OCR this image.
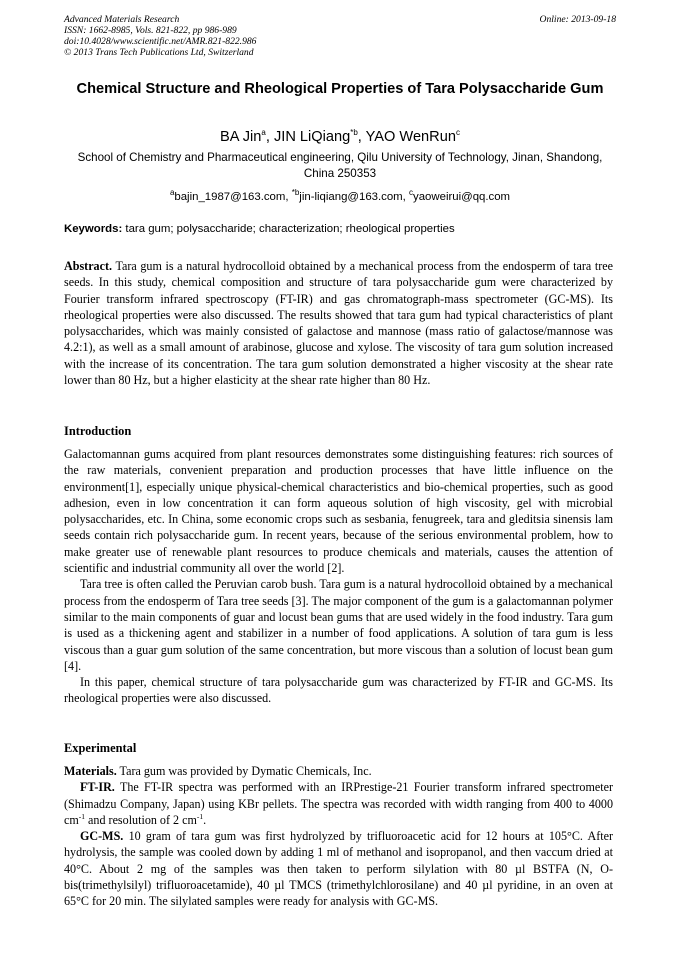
Advanced Materials Research
ISSN: 1662-8985, Vols. 821-822, pp 986-989
doi:10.4028/www.scientific.net/AMR.821-822.986
© 2013 Trans Tech Publications Ltd, Switzerland
Online: 2013-09-18
Chemical Structure and Rheological Properties of Tara Polysaccharide Gum
BA Jin$^a$, JIN LiQiang$^{*b}$, YAO WenRun$^c$
School of Chemistry and Pharmaceutical engineering, Qilu University of Technology, Jinan, Shandong, China 250353
$^a$bajin_1987@163.com, $^{*b}$jin-liqiang@163.com, $^c$yaoweirui@qq.com
Keywords: tara gum; polysaccharide; characterization; rheological properties

Abstract. Tara gum is a natural hydrocolloid obtained by a mechanical process from the endosperm of tara tree seeds. In this study, chemical composition and structure of tara polysaccharide gum were characterized by Fourier transform infrared spectroscopy (FT-IR) and gas chromatograph-mass spectrometer (GC-MS). Its rheological properties were also discussed. The results showed that tara gum had typical characteristics of plant polysaccharides, which was mainly consisted of galactose and mannose (mass ratio of galactose/mannose was 4.2:1), as well as a small amount of arabinose, glucose and xylose. The viscosity of tara gum solution increased with the increase of its concentration. The tara gum solution demonstrated a higher viscosity at the shear rate lower than 80 Hz, but a higher elasticity at the shear rate higher than 80 Hz.

Introduction

Galactomannan gums acquired from plant resources demonstrates some distinguishing features: rich sources of the raw materials, convenient preparation and production processes that have little influence on the environment[1], especially unique physical-chemical characteristics and bio-chemical properties, such as good adhesion, even in low concentration it can form aqueous solution of high viscosity, gel with microbial polysaccharides, etc. In China, some economic crops such as sesbania, fenugreek, tara and gleditsia sinensis lam seeds contain rich polysaccharide gum. In recent years, because of the serious environmental problem, how to make greater use of renewable plant resources to produce chemicals and materials, causes the attention of scientific and industrial community all over the world [2].

Tara tree is often called the Peruvian carob bush. Tara gum is a natural hydrocolloid obtained by a mechanical process from the endosperm of Tara tree seeds [3]. The major component of the gum is a galactomannan polymer similar to the main components of guar and locust bean gums that are used widely in the food industry. Tara gum is used as a thickening agent and stabilizer in a number of food applications. A solution of tara gum is less viscous than a guar gum solution of the same concentration, but more viscous than a solution of locust bean gum [4].

In this paper, chemical structure of tara polysaccharide gum was characterized by FT-IR and GC-MS. Its rheological properties were also discussed.

Experimental

Materials. Tara gum was provided by Dymatic Chemicals, Inc.

FT-IR. The FT-IR spectra was performed with an IRPrestige-21 Fourier transform infrared spectrometer (Shimadzu Company, Japan) using KBr pellets. The spectra was recorded with width ranging from 400 to 4000 $cm^{-1}$ and resolution of 2 $cm^{-1}$.

GC-MS. 10 gram of tara gum was first hydrolyzed by trifluoroacetic acid for 12 hours at 105°C. After hydrolysis, the sample was cooled down by adding 1 ml of methanol and isopropanol, and then vaccum dried at 40°C. About 2 mg of the samples was then taken to perform silylation with 80 µl BSTFA (N, O-bis(trimethylsilyl) trifluoroacetamide), 40 µl TMCS (trimethylchlorosilane) and 40 µl pyridine, in an oven at 65°C for 20 min. The silylated samples were ready for analysis with GC-MS.
